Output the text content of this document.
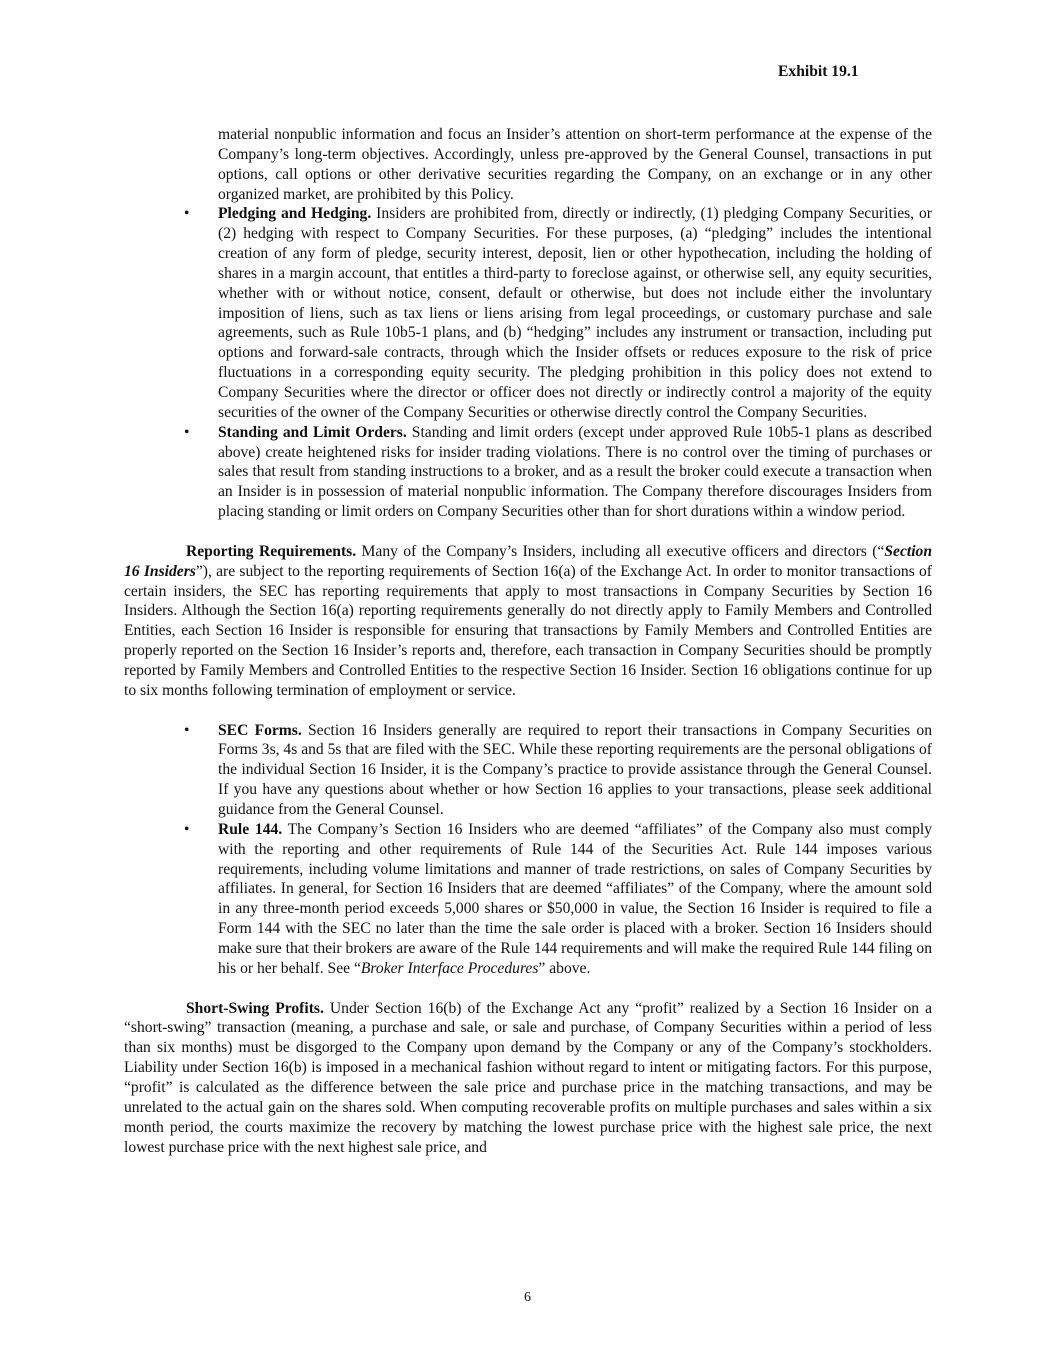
Exhibit 19.1
material nonpublic information and focus an Insider’s attention on short-term performance at the expense of the Company’s long-term objectives. Accordingly, unless pre-approved by the General Counsel, transactions in put options, call options or other derivative securities regarding the Company, on an exchange or in any other organized market, are prohibited by this Policy.
• Pledging and Hedging. Insiders are prohibited from, directly or indirectly, (1) pledging Company Securities, or (2) hedging with respect to Company Securities. For these purposes, (a) “pledging” includes the intentional creation of any form of pledge, security interest, deposit, lien or other hypothecation, including the holding of shares in a margin account, that entitles a third-party to foreclose against, or otherwise sell, any equity securities, whether with or without notice, consent, default or otherwise, but does not include either the involuntary imposition of liens, such as tax liens or liens arising from legal proceedings, or customary purchase and sale agreements, such as Rule 10b5-1 plans, and (b) “hedging” includes any instrument or transaction, including put options and forward-sale contracts, through which the Insider offsets or reduces exposure to the risk of price fluctuations in a corresponding equity security. The pledging prohibition in this policy does not extend to Company Securities where the director or officer does not directly or indirectly control a majority of the equity securities of the owner of the Company Securities or otherwise directly control the Company Securities.
• Standing and Limit Orders. Standing and limit orders (except under approved Rule 10b5-1 plans as described above) create heightened risks for insider trading violations. There is no control over the timing of purchases or sales that result from standing instructions to a broker, and as a result the broker could execute a transaction when an Insider is in possession of material nonpublic information. The Company therefore discourages Insiders from placing standing or limit orders on Company Securities other than for short durations within a window period.

Reporting Requirements. Many of the Company’s Insiders, including all executive officers and directors (“Section 16 Insiders”), are subject to the reporting requirements of Section 16(a) of the Exchange Act. In order to monitor transactions of certain insiders, the SEC has reporting requirements that apply to most transactions in Company Securities by Section 16 Insiders. Although the Section 16(a) reporting requirements generally do not directly apply to Family Members and Controlled Entities, each Section 16 Insider is responsible for ensuring that transactions by Family Members and Controlled Entities are properly reported on the Section 16 Insider’s reports and, therefore, each transaction in Company Securities should be promptly reported by Family Members and Controlled Entities to the respective Section 16 Insider. Section 16 obligations continue for up to six months following termination of employment or service.

• SEC Forms. Section 16 Insiders generally are required to report their transactions in Company Securities on Forms 3s, 4s and 5s that are filed with the SEC. While these reporting requirements are the personal obligations of the individual Section 16 Insider, it is the Company’s practice to provide assistance through the General Counsel. If you have any questions about whether or how Section 16 applies to your transactions, please seek additional guidance from the General Counsel.
• Rule 144. The Company’s Section 16 Insiders who are deemed “affiliates” of the Company also must comply with the reporting and other requirements of Rule 144 of the Securities Act. Rule 144 imposes various requirements, including volume limitations and manner of trade restrictions, on sales of Company Securities by affiliates. In general, for Section 16 Insiders that are deemed “affiliates” of the Company, where the amount sold in any three-month period exceeds 5,000 shares or $50,000 in value, the Section 16 Insider is required to file a Form 144 with the SEC no later than the time the sale order is placed with a broker. Section 16 Insiders should make sure that their brokers are aware of the Rule 144 requirements and will make the required Rule 144 filing on his or her behalf. See “Broker Interface Procedures” above.

Short-Swing Profits. Under Section 16(b) of the Exchange Act any “profit” realized by a Section 16 Insider on a “short-swing” transaction (meaning, a purchase and sale, or sale and purchase, of Company Securities within a period of less than six months) must be disgorged to the Company upon demand by the Company or any of the Company’s stockholders. Liability under Section 16(b) is imposed in a mechanical fashion without regard to intent or mitigating factors. For this purpose, “profit” is calculated as the difference between the sale price and purchase price in the matching transactions, and may be unrelated to the actual gain on the shares sold. When computing recoverable profits on multiple purchases and sales within a six month period, the courts maximize the recovery by matching the lowest purchase price with the highest sale price, the next lowest purchase price with the next highest sale price, and

6
